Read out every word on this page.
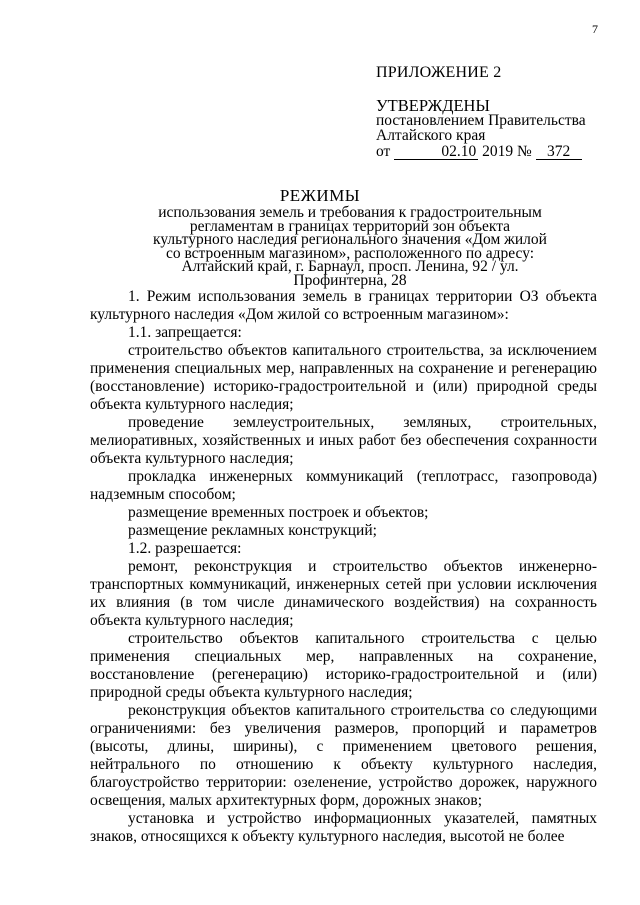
7
ПРИЛОЖЕНИЕ 2
УТВЕРЖДЕНЫ
постановлением Правительства
Алтайского края
от	02.10 2019 № 372
РЕЖИМЫ
использования земель и требования к градостроительным регламентам в границах территорий зон объекта культурного наследия регионального значения «Дом жилой со встроенным магазином», расположенного по адресу: Алтайский край, г. Барнаул, просп. Ленина, 92 / ул. Профинтерна, 28

1. Режим использования земель в границах территории ОЗ объекта культурного наследия «Дом жилой со встроенным магазином»:

1.1. запрещается:

строительство объектов капитального строительства, за исключением применения специальных мер, направленных на сохранение и регенерацию (восстановление) историко-градостроительной и (или) природной среды объекта культурного наследия;

проведение землеустроительных, земляных, строительных, мелиоративных, хозяйственных и иных работ без обеспечения сохранности объекта культурного наследия;

прокладка инженерных коммуникаций (теплотрасс, газопровода) надземным способом;

размещение временных построек и объектов;

размещение рекламных конструкций;

1.2. разрешается:

ремонт, реконструкция и строительство объектов инженерно-транспортных коммуникаций, инженерных сетей при условии исключения их влияния (в том числе динамического воздействия) на сохранность объекта культурного наследия;

строительство объектов капитального строительства с целью применения специальных мер, направленных на сохранение, восстановление (регенерацию) историко-градостроительной и (или) природной среды объекта культурного наследия;

реконструкция объектов капитального строительства со следующими ограничениями: без увеличения размеров, пропорций и параметров (высоты, длины, ширины), с применением цветового решения, нейтрального по отношению к объекту культурного наследия, благоустройство территории: озеленение, устройство дорожек, наружного освещения, малых архитектурных форм, дорожных знаков;

установка и устройство информационных указателей, памятных знаков, относящихся к объекту культурного наследия, высотой не более
